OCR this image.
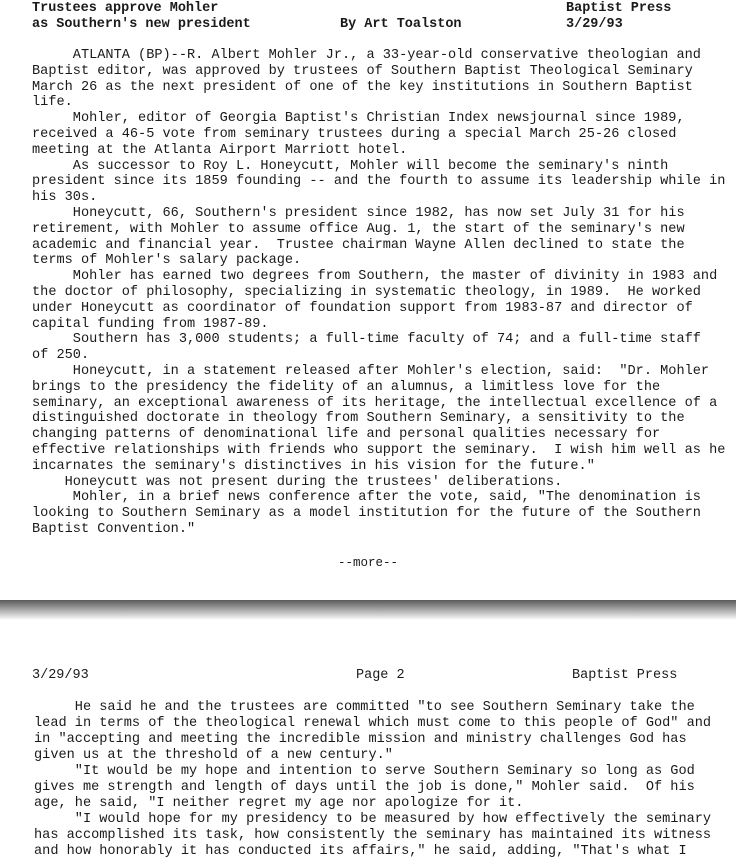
Trustees approve Mohler
as Southern's new president	By Art Toalston
Baptist Press
3/29/93
ATLANTA (BP)--R. Albert Mohler Jr., a 33-year-old conservative theologian and
Baptist editor, was approved by trustees of Southern Baptist Theological Seminary
March 26 as the next president of one of the key institutions in Southern Baptist
life.
Mohler, editor of Georgia Baptist's Christian Index newsjournal since 1989,
received a 46-5 vote from seminary trustees during a special March 25-26 closed
meeting at the Atlanta Airport Marriott hotel.
As successor to Roy L. Honeycutt, Mohler will become the seminary's ninth
president since its 1859 founding -- and the fourth to assume its leadership while in
his 30s.
Honeycutt, 66, Southern's president since 1982, has now set July 31 for his
retirement, with Mohler to assume office Aug. 1, the start of the seminary's new
academic and financial year.  Trustee chairman Wayne Allen declined to state the
terms of Mohler's salary package.
Mohler has earned two degrees from Southern, the master of divinity in 1983 and
the doctor of philosophy, specializing in systematic theology, in 1989.  He worked
under Honeycutt as coordinator of foundation support from 1983-87 and director of
capital funding from 1987-89.
Southern has 3,000 students; a full-time faculty of 74; and a full-time staff
of 250.
Honeycutt, in a statement released after Mohler's election, said:  "Dr. Mohler
brings to the presidency the fidelity of an alumnus, a limitless love for the
seminary, an exceptional awareness of its heritage, the intellectual excellence of a
distinguished doctorate in theology from Southern Seminary, a sensitivity to the
changing patterns of denominational life and personal qualities necessary for
effective relationships with friends who support the seminary.  I wish him well as he
incarnates the seminary's distinctives in his vision for the future."
Honeycutt was not present during the trustees' deliberations.
Mohler, in a brief news conference after the vote, said, "The denomination is
looking to Southern Seminary as a model institution for the future of the Southern
Baptist Convention."
--more--
3/29/93	Page 2	Baptist Press
He said he and the trustees are committed "to see Southern Seminary take the
lead in terms of the theological renewal which must come to this people of God" and
in "accepting and meeting the incredible mission and ministry challenges God has
given us at the threshold of a new century."
"It would be my hope and intention to serve Southern Seminary so long as God
gives me strength and length of days until the job is done," Mohler said.  Of his
age, he said, "I neither regret my age nor apologize for it.
"I would hope for my presidency to be measured by how effectively the seminary
has accomplished its task, how consistently the seminary has maintained its witness
and how honorably it has conducted its affairs," he said, adding, "That's what I
